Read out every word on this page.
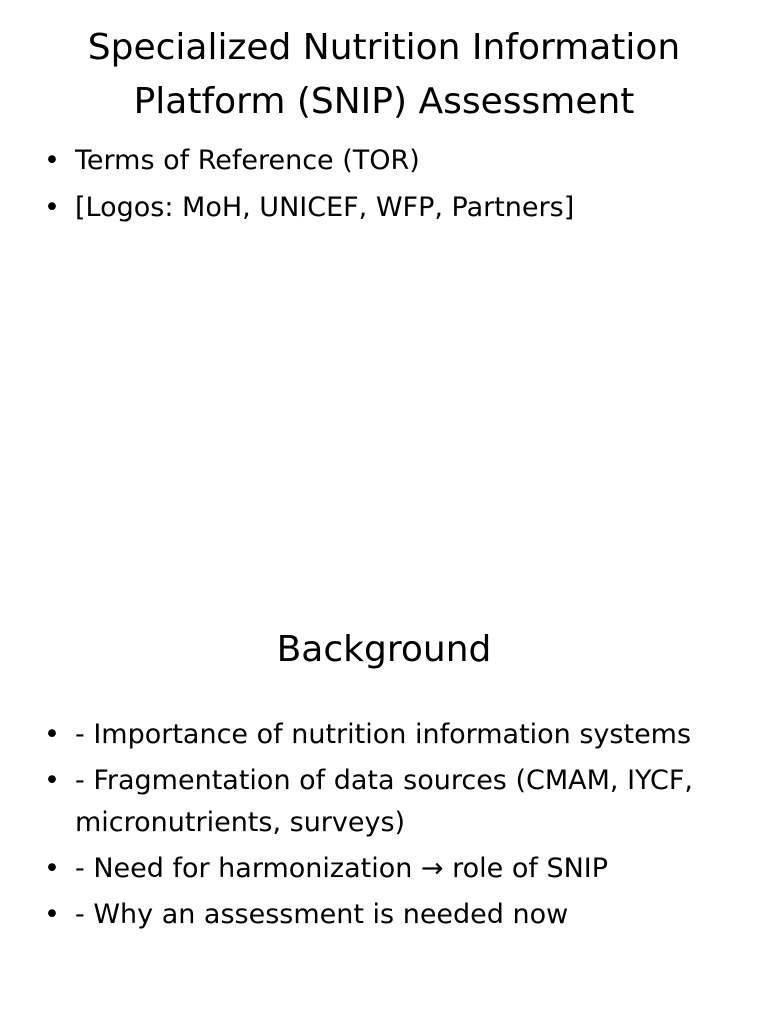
Specialized Nutrition Information Platform (SNIP) Assessment
• Terms of Reference (TOR)
• [Logos: MoH, UNICEF, WFP, Partners]
Background
• - Importance of nutrition information systems
• - Fragmentation of data sources (CMAM, IYCF, micronutrients, surveys)
• - Need for harmonization → role of SNIP
• - Why an assessment is needed now
